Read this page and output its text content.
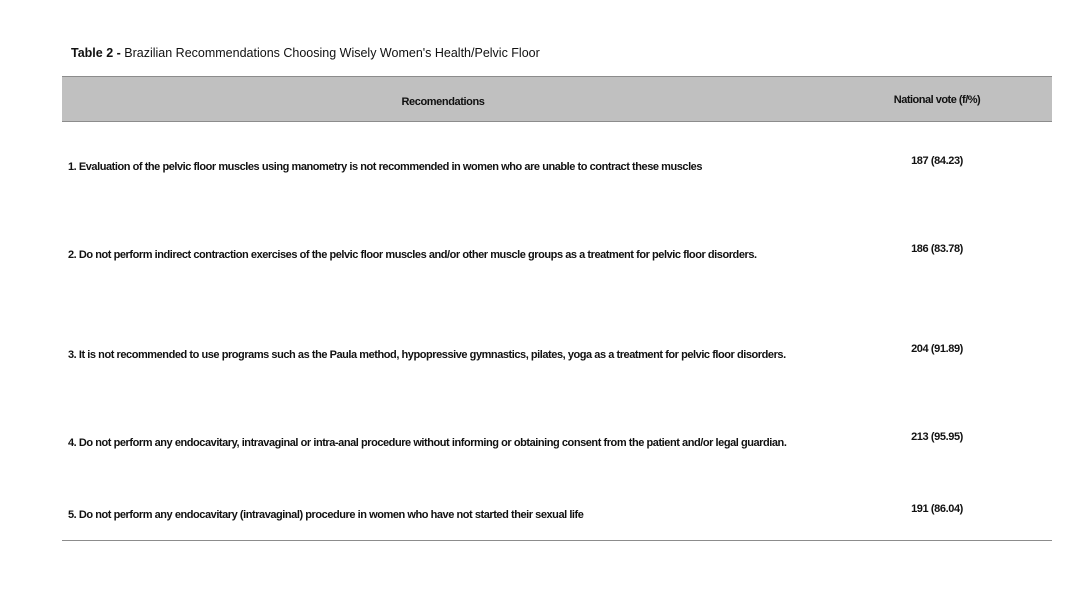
Table 2 - Brazilian Recommendations Choosing Wisely Women's Health/Pelvic Floor
Recomendations	National vote (f/%)
1. Evaluation of the pelvic floor muscles using manometry is not recommended in women who are unable to contract these muscles	187 (84.23)
2. Do not perform indirect contraction exercises of the pelvic floor muscles and/or other muscle groups as a treatment for pelvic floor disorders.	186 (83.78)
3. It is not recommended to use programs such as the Paula method, hypopressive gymnastics, pilates, yoga as a treatment for pelvic floor disorders.	204 (91.89)
4. Do not perform any endocavitary, intravaginal or intra-anal procedure without informing or obtaining consent from the patient and/or legal guardian.	213 (95.95)
5. Do not perform any endocavitary (intravaginal) procedure in women who have not started their sexual life	191 (86.04)
